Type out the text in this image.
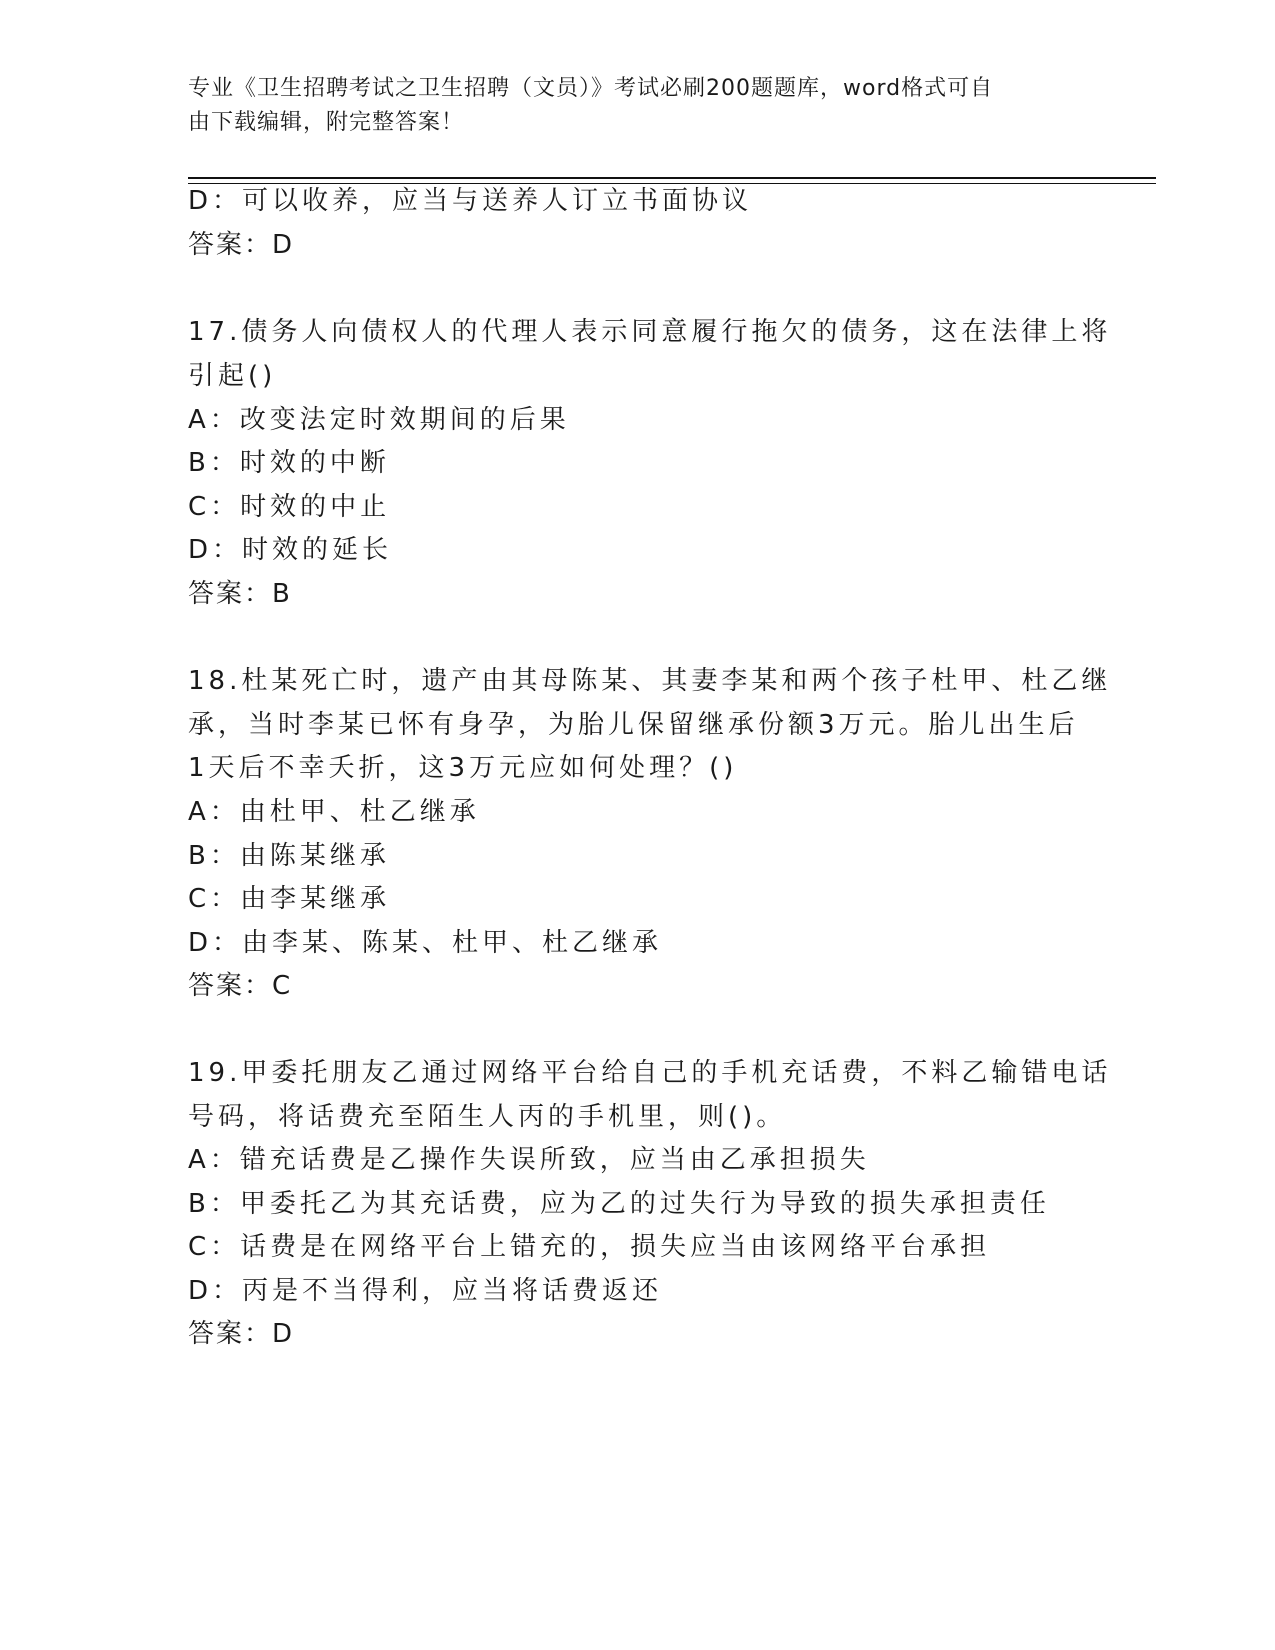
专业《卫生招聘考试之卫生招聘（文员）》考试必刷200题题库，word格式可自
由下载编辑，附完整答案！
D：可以收养，应当与送养人订立书面协议
答案：D
17.债务人向债权人的代理人表示同意履行拖欠的债务，这在法律上将
引起()
A：改变法定时效期间的后果
B：时效的中断
C：时效的中止
D：时效的延长
答案：B
18.杜某死亡时，遗产由其母陈某、其妻李某和两个孩子杜甲、杜乙继
承，当时李某已怀有身孕，为胎儿保留继承份额3万元。胎儿出生后
1天后不幸夭折，这3万元应如何处理？()
A：由杜甲、杜乙继承
B：由陈某继承
C：由李某继承
D：由李某、陈某、杜甲、杜乙继承
答案：C
19.甲委托朋友乙通过网络平台给自己的手机充话费，不料乙输错电话
号码，将话费充至陌生人丙的手机里，则()。
A：错充话费是乙操作失误所致，应当由乙承担损失
B：甲委托乙为其充话费，应为乙的过失行为导致的损失承担责任
C：话费是在网络平台上错充的，损失应当由该网络平台承担
D：丙是不当得利，应当将话费返还
答案：D
